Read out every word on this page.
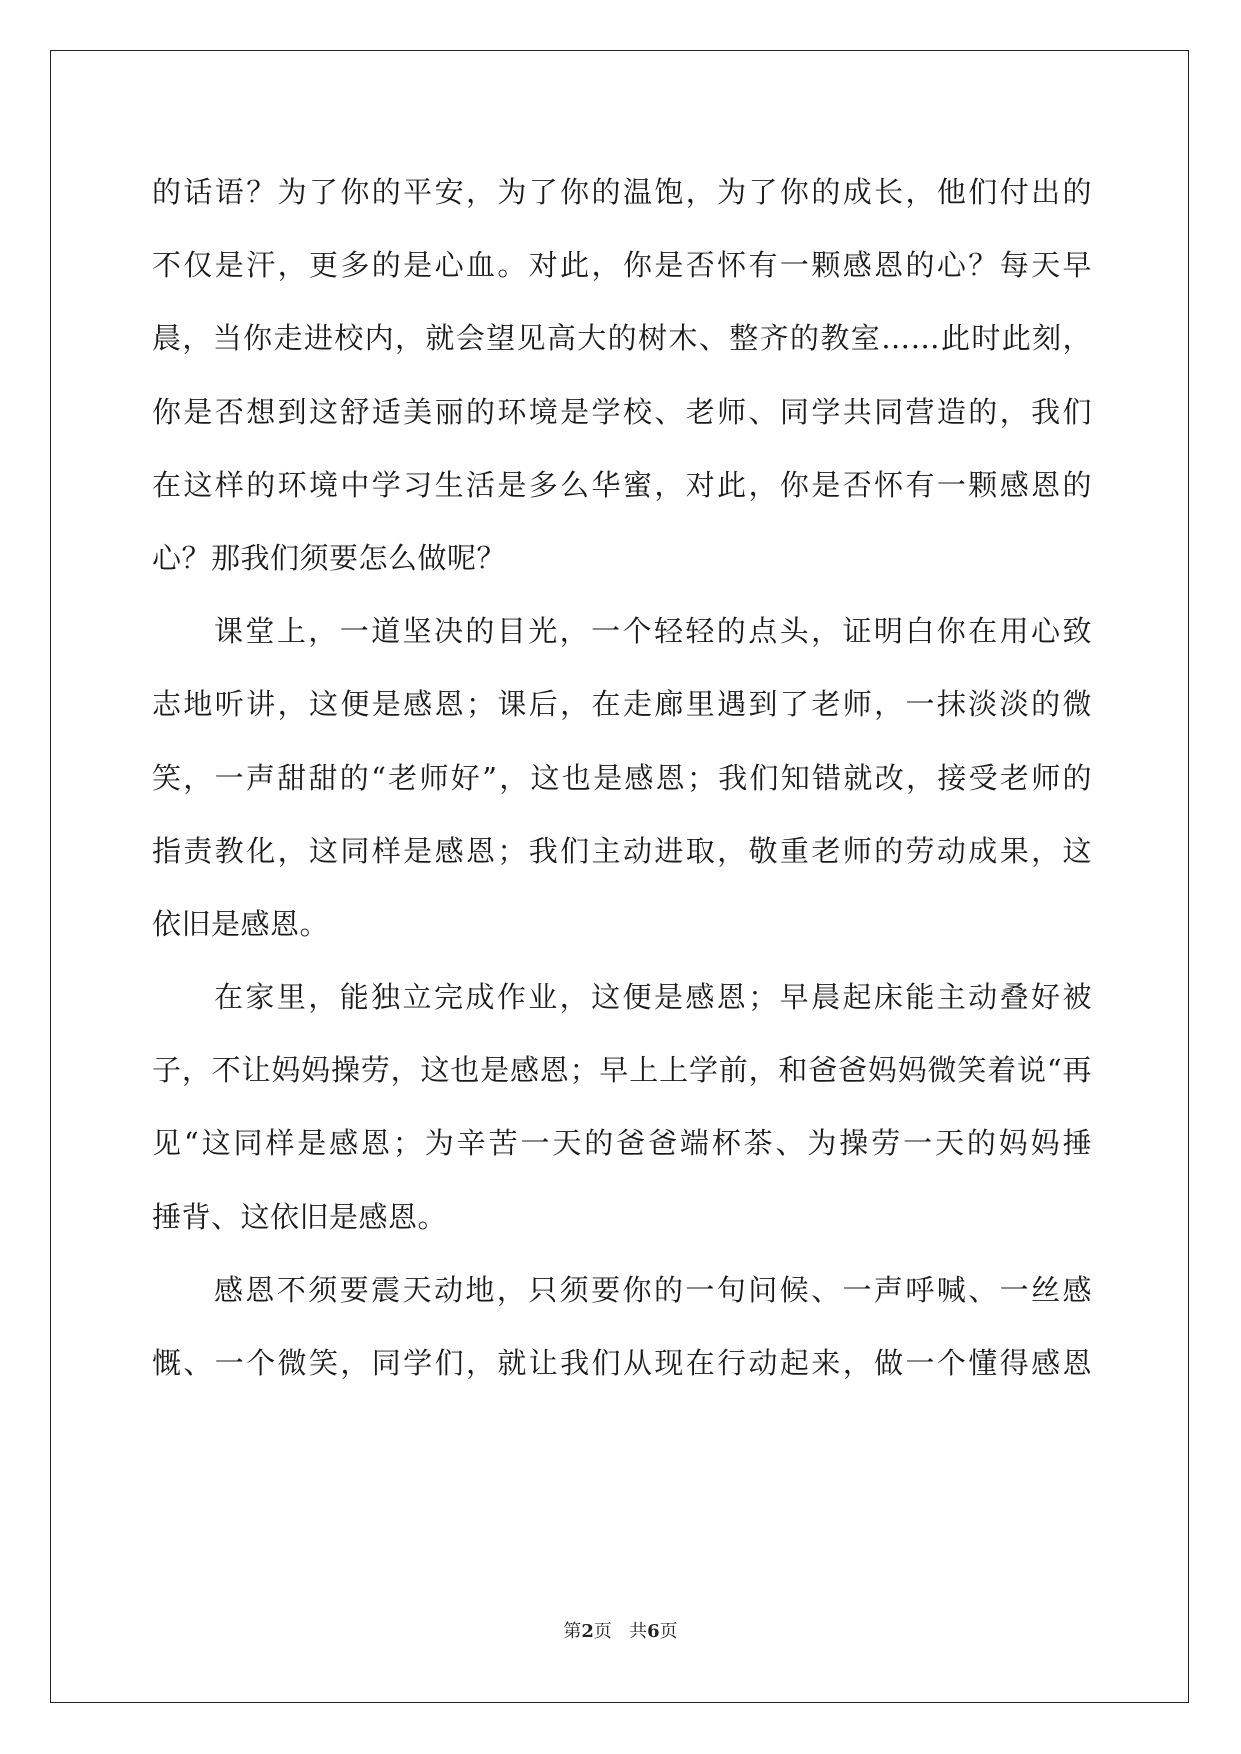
的话语？为了你的平安，为了你的温饱，为了你的成长，他们付出的
不仅是汗，更多的是心血。对此，你是否怀有一颗感恩的心？每天早
晨，当你走进校内，就会望见高大的树木、整齐的教室……此时此刻，
你是否想到这舒适美丽的环境是学校、老师、同学共同营造的，我们
在这样的环境中学习生活是多么华蜜，对此，你是否怀有一颗感恩的
心？那我们须要怎么做呢？
课堂上，一道坚决的目光，一个轻轻的点头，证明白你在用心致
志地听讲，这便是感恩；课后，在走廊里遇到了老师，一抹淡淡的微
笑，一声甜甜的“老师好”，这也是感恩；我们知错就改，接受老师的
指责教化，这同样是感恩；我们主动进取，敬重老师的劳动成果，这
依旧是感恩。
在家里，能独立完成作业，这便是感恩；早晨起床能主动叠好被
子，不让妈妈操劳，这也是感恩；早上上学前，和爸爸妈妈微笑着说“再
见“这同样是感恩；为辛苦一天的爸爸端杯茶、为操劳一天的妈妈捶
捶背、这依旧是感恩。
感恩不须要震天动地，只须要你的一句问候、一声呼喊、一丝感
慨、一个微笑，同学们，就让我们从现在行动起来，做一个懂得感恩
第2页 共6页
